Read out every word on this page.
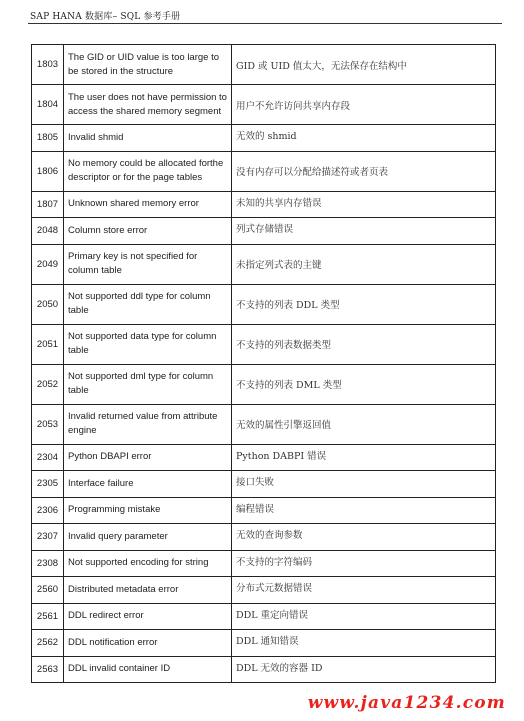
SAP HANA 数据库– SQL 参考手册
1803	The GID or UID value is too large to be stored in the structure	GID 或 UID 值太大，无法保存在结构中
1804	The user does not have permission to access the shared memory segment	用户不允许访问共享内存段
1805	Invalid shmid	无效的 shmid
1806	No memory could be allocated forthe descriptor or for the page tables	没有内存可以分配给描述符或者页表
1807	Unknown shared memory error	未知的共享内存错误
2048	Column store error	列式存储错误
2049	Primary key is not specified for column table	未指定列式表的主键
2050	Not supported ddl type for column table	不支持的列表 DDL 类型
2051	Not supported data type for column table	不支持的列表数据类型
2052	Not supported dml type for column table	不支持的列表 DML 类型
2053	Invalid returned value from attribute engine	无效的属性引擎返回值
2304	Python DBAPI error	Python DABPI 错误
2305	Interface failure	接口失败
2306	Programming mistake	编程错误
2307	Invalid query parameter	无效的查询参数
2308	Not supported encoding for string	不支持的字符编码
2560	Distributed metadata error	分布式元数据错误
2561	DDL redirect error	DDL 重定向错误
2562	DDL notification error	DDL 通知错误
2563	DDL invalid container ID	DDL 无效的容器 ID
www.java1234.com
